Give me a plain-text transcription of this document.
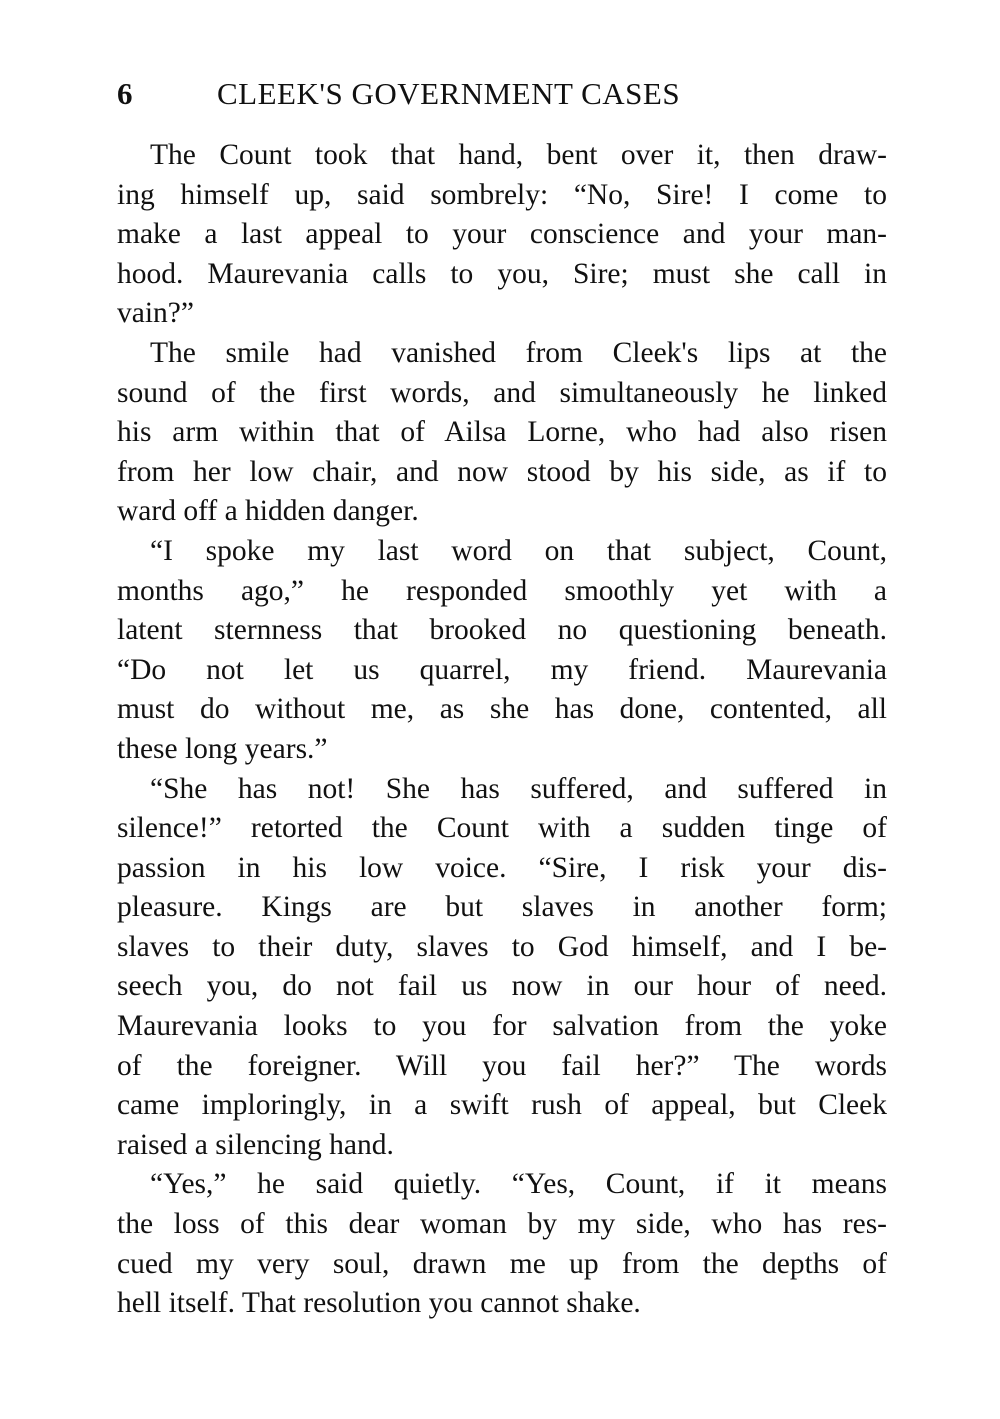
6	CLEEK'S GOVERNMENT CASES

The Count took that hand, bent over it, then draw-
ing himself up, said sombrely: “No, Sire! I come to
make a last appeal to your conscience and your man-
hood. Maurevania calls to you, Sire; must she call in
vain?”

The smile had vanished from Cleek's lips at the
sound of the first words, and simultaneously he linked
his arm within that of Ailsa Lorne, who had also risen
from her low chair, and now stood by his side, as if to
ward off a hidden danger.

“I spoke my last word on that subject, Count,
months ago,” he responded smoothly yet with a
latent sternness that brooked no questioning beneath.
“Do not let us quarrel, my friend. Maurevania
must do without me, as she has done, contented, all
these long years.”

“She has not! She has suffered, and suffered in
silence!” retorted the Count with a sudden tinge of
passion in his low voice. “Sire, I risk your dis-
pleasure. Kings are but slaves in another form;
slaves to their duty, slaves to God himself, and I be-
seech you, do not fail us now in our hour of need.
Maurevania looks to you for salvation from the yoke
of the foreigner. Will you fail her?” The words
came imploringly, in a swift rush of appeal, but Cleek
raised a silencing hand.

“Yes,” he said quietly. “Yes, Count, if it means
the loss of this dear woman by my side, who has res-
cued my very soul, drawn me up from the depths of
hell itself. That resolution you cannot shake.
